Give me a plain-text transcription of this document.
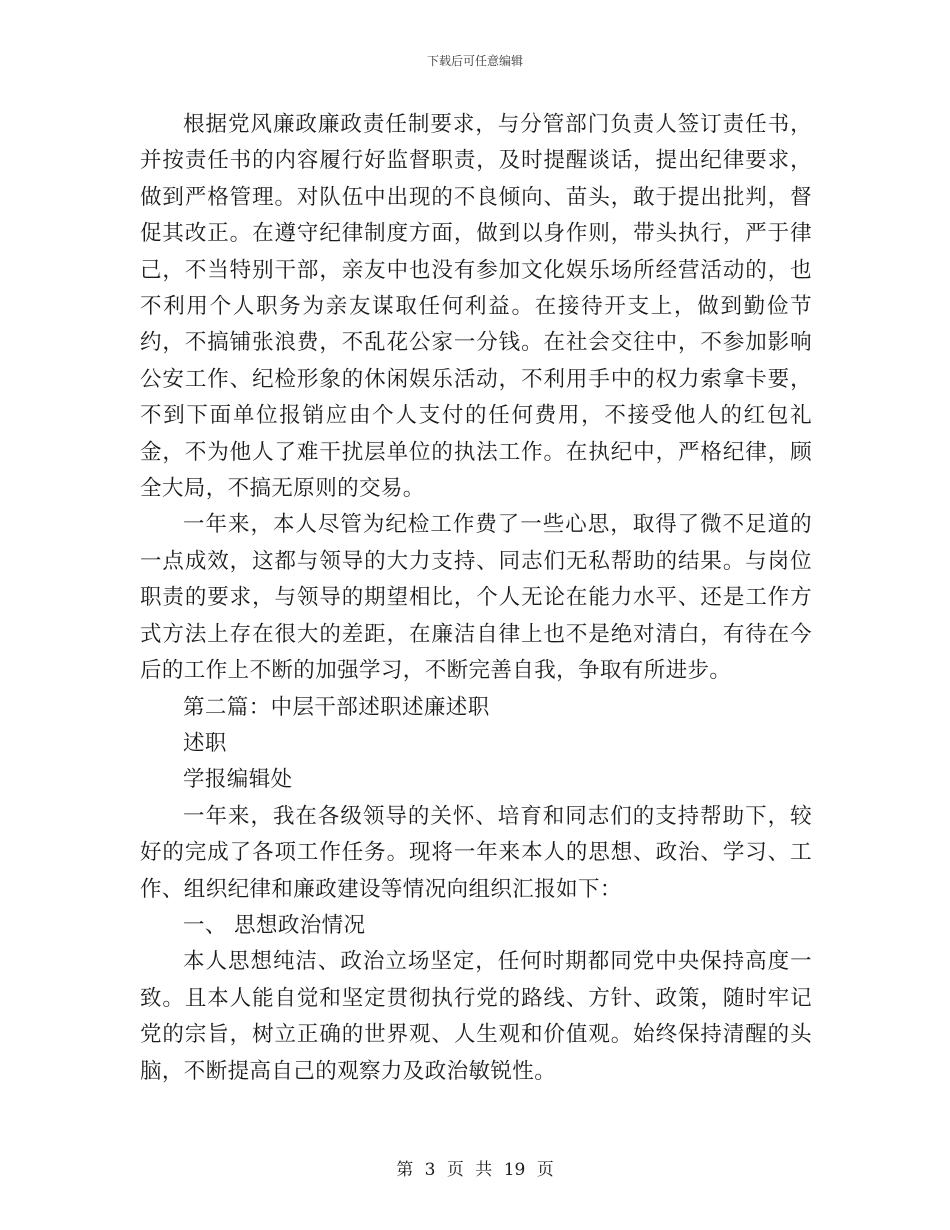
下载后可任意编辑

根据党风廉政廉政责任制要求，与分管部门负责人签订责任书，并按责任书的内容履行好监督职责，及时提醒谈话，提出纪律要求，做到严格管理。对队伍中出现的不良倾向、苗头，敢于提出批判，督促其改正。在遵守纪律制度方面，做到以身作则，带头执行，严于律己，不当特别干部，亲友中也没有参加文化娱乐场所经营活动的，也不利用个人职务为亲友谋取任何利益。在接待开支上，做到勤俭节约，不搞铺张浪费，不乱花公家一分钱。在社会交往中，不参加影响公安工作、纪检形象的休闲娱乐活动，不利用手中的权力索拿卡要，不到下面单位报销应由个人支付的任何费用，不接受他人的红包礼金，不为他人了难干扰层单位的执法工作。在执纪中，严格纪律，顾全大局，不搞无原则的交易。

一年来，本人尽管为纪检工作费了一些心思，取得了微不足道的一点成效，这都与领导的大力支持、同志们无私帮助的结果。与岗位职责的要求，与领导的期望相比，个人无论在能力水平、还是工作方式方法上存在很大的差距，在廉洁自律上也不是绝对清白，有待在今后的工作上不断的加强学习，不断完善自我，争取有所进步。

第二篇：中层干部述职述廉述职

述职

学报编辑处

一年来，我在各级领导的关怀、培育和同志们的支持帮助下，较好的完成了各项工作任务。现将一年来本人的思想、政治、学习、工作、组织纪律和廉政建设等情况向组织汇报如下：

一、 思想政治情况

本人思想纯洁、政治立场坚定，任何时期都同党中央保持高度一致。且本人能自觉和坚定贯彻执行党的路线、方针、政策，随时牢记党的宗旨，树立正确的世界观、人生观和价值观。始终保持清醒的头脑，不断提高自己的观察力及政治敏锐性。

第 3 页 共 19 页
